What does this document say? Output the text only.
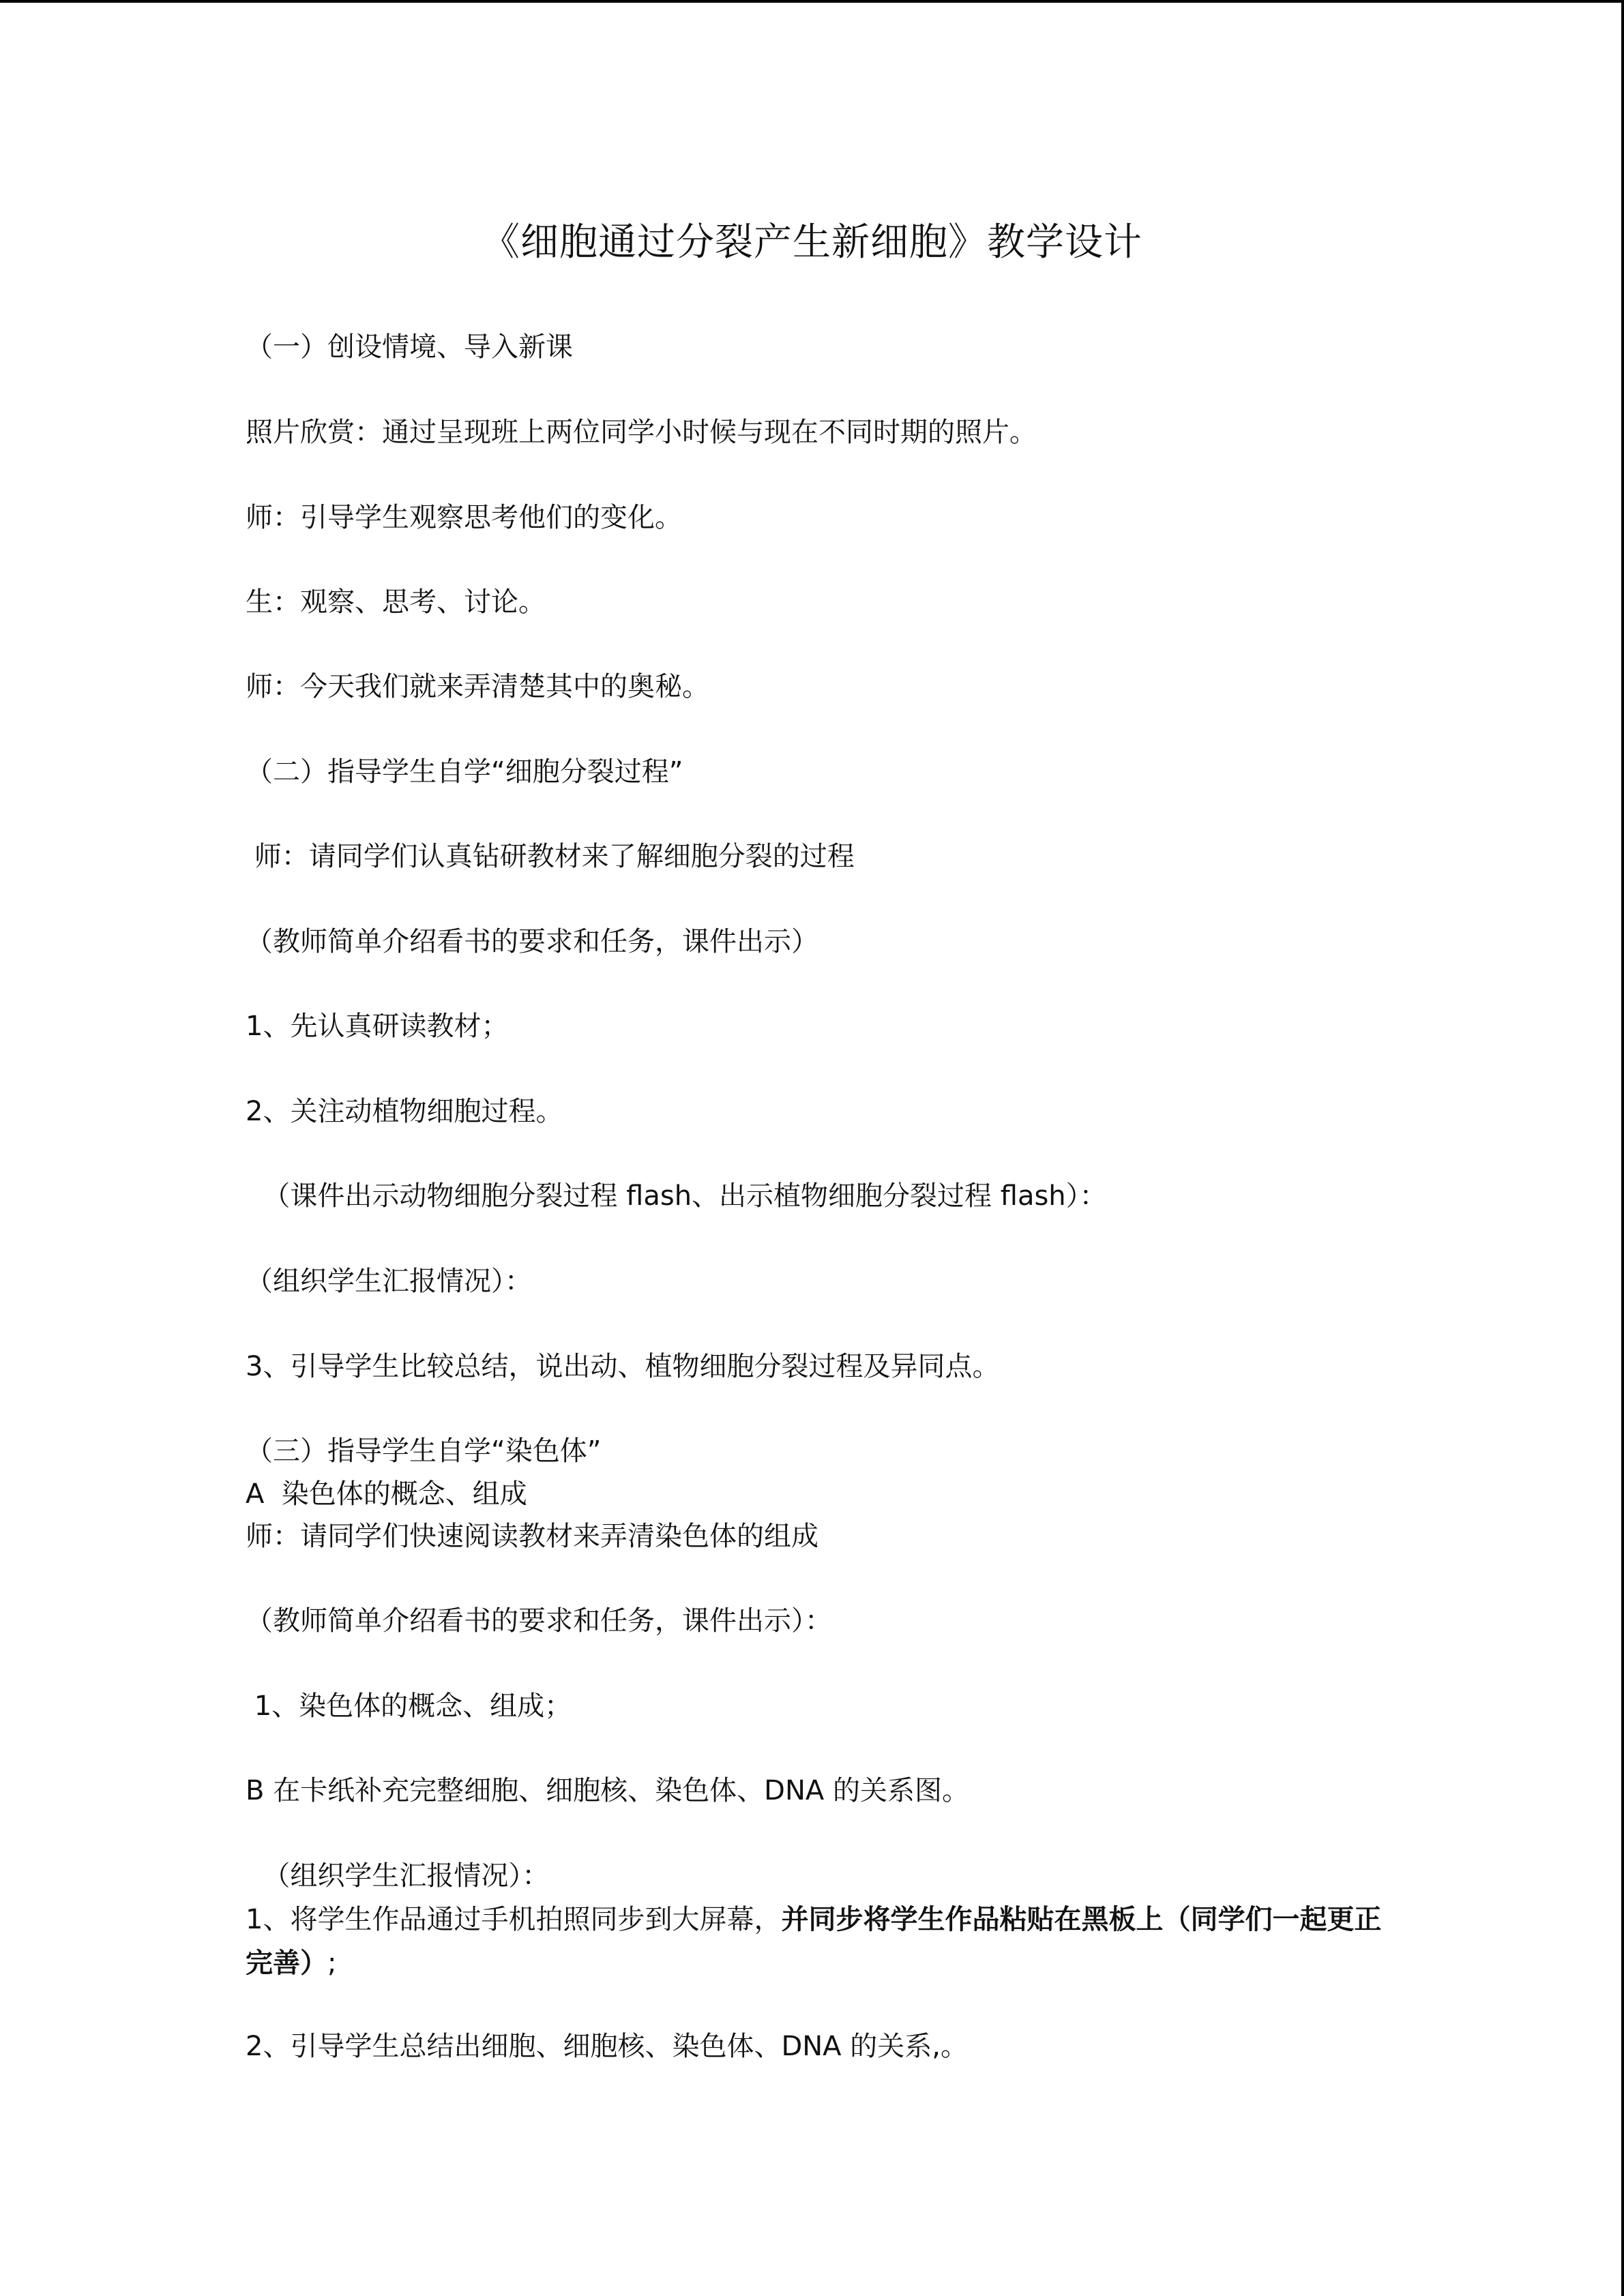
《细胞通过分裂产生新细胞》教学设计
（一）创设情境、导入新课
照片欣赏：通过呈现班上两位同学小时候与现在不同时期的照片。
师：引导学生观察思考他们的变化。
生：观察、思考、讨论。
师：今天我们就来弄清楚其中的奥秘。
（二）指导学生自学“细胞分裂过程”
师：请同学们认真钻研教材来了解细胞分裂的过程
（教师简单介绍看书的要求和任务，课件出示）
1、先认真研读教材；
2、关注动植物细胞过程。
（课件出示动物细胞分裂过程 flash、出示植物细胞分裂过程 flash）：
（组织学生汇报情况）：
3、引导学生比较总结，说出动、植物细胞分裂过程及异同点。
（三）指导学生自学“染色体”
A  染色体的概念、组成
师：请同学们快速阅读教材来弄清染色体的组成
（教师简单介绍看书的要求和任务，课件出示）：
1、染色体的概念、组成；
B 在卡纸补充完整细胞、细胞核、染色体、DNA 的关系图。
（组织学生汇报情况）：
1、将学生作品通过手机拍照同步到大屏幕，并同步将学生作品粘贴在黑板上（同学们一起更正完善）;
2、引导学生总结出细胞、细胞核、染色体、DNA 的关系,。
